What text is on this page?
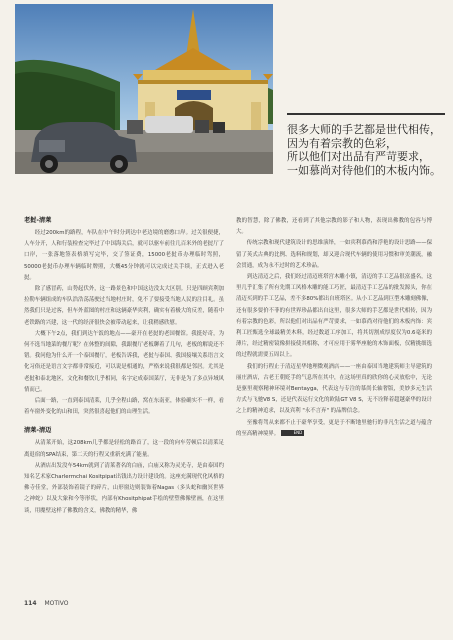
很多大师的手艺都是世代相传，
因为有着宗教的色彩，
所以他们对出品有严苛要求，
一如慕尚对待他们的木板内饰。
老挝-清莱

经过200km的路程，车队在中午时分到达中老边境的磨憨口岸。过关很便捷，人车分开，人和行装检查完毕过了中国海关后，就可以驱车前往几百米外的老挝厅了口岸，一张落地签表格填写完毕，交了签证费，15000老挝币办理临时驾照，50000老挝币办理车辆临时牌照，大概45分钟就可以完成过关手续，正式进入老挝。

除了感冒药，山势起伏外，这一路景色和中国这边没太大区别。只是四顾宾利加拉勒车辆组成的车队浩浩荡荡驶过当地村庄时，免不了要接受当地人民的注目礼。虽然我们只是过客，但车外蓝图的村庄和这辆豪华宾利，确实有着极大的反差，随着中老铁路的兴建，这一代的经济很快会被带动起来，让我稍感欣慰。

大概下午2点，我们到达午饭的地点——豪开在老挝的老国餐馆。我挺好奇，为何不选当地菜的餐厅呢？在休整的间隙，我跟餐厅老板聊着了几句，老板的解说还不错。我问他为什么开一个泰国餐厅，老板告诉我，老挝与泰国、我国接壤关系语言文化习俗还是语言文字都非常接近，可以说是相通的，严格来说我很都是邻居。尤其是老挝和泰北地区，文化和餐饮几乎相同，名字定成泰国菜厅，无非是为了多点异域风情而已。

后面一路，一直到泰国清莱，几乎全程山路，窝在东南亚，体验确实不一样，看着车窗外变化的山和田，突然很喜起他们的山理生活。

清莱-清迈

从清莱开始，这208km几乎都是轻松的路首了，这一段的向车劳顿后以清莱足离退宿的SPA结束，第二天的行程又重新充满了能量。

从酒店出发没车54km就到了清莱著名的白庙，白庙又称为灵光寺，是由泰国约知名艺术家Charlermchai Kositpipat出钱出力设计建设的。这座充满现代化风格的佛寺佳堂，外部装饰着镜子的碎片，山形窗边则装饰着Nagas（多头蛇和幽冥世界之神蛇）以及大象和今等形状，内部有Khositphipat手绘的壁塑佛像壁画，在这里谈，用魔壁这样了佛教的含义，佛教的精华，佛

教的智慧，除了佛教，还看到了其他宗教的影子和人物，表现出佛教的包容与博大。

传统宗教和现代建筑设计的思维演绎，一如宾利慕尚和浮艳的设计思路——保留了英式古典的比例、选料和规划，却又迎合现代车辆的使用习惯和审美潮流，融会贯通，成为永不过时的艺术珍品。

到达清迈之后，我们经过清迈班塔宫木雕小镇，清迈的手工艺品很富盛名，这里几乎汇集了所有先期工风格木雕的能工巧匠，最清迈手工艺品的批发源头，你在清迈买到的手工艺品，差不多80%都出自班塔区。从小工艺品到巨型木雕刻佛像，还有很多要价不菲的有世界珍品都出自这里，很多大师的手艺都是世代相传，因为有着宗教的色彩，所以他们对出品有严苛要求，一如慕尚对待他们的木板内饰：宾利工匠甄选全球最精美木料，经过数道工序加工，将其切割成厚度仅为0.6毫米的薄片，经过精密镜像拼接使其相称，才可应用于雾华座舱的木饰面板，仅精挑细选的过程就需要五周以上。

我们的行程止于清迈星华地理微观酒店——一座由泰国当地建筑师主导建筑的丽庄酒店，古老王朝贬手的气息所在其中，在这场里真的欣你的心灵放松中，无论是驱里观察精神环境对Bentayga，代表这与专注的慕尚长轴奢版，美妙多元生活方式与飞驰V8 S，还是代表运行文化的欧陆GT V8 S，无不诠释着超越豪华的设计之上的精神追求，以及宾利 "永不言弃" 的品牌信念。

至豫将驾从来都不止于豪华享受，更是于不断地里驰行的非凡生活之道与蕴含的至高精神境界。	END

114 MOTIVO
